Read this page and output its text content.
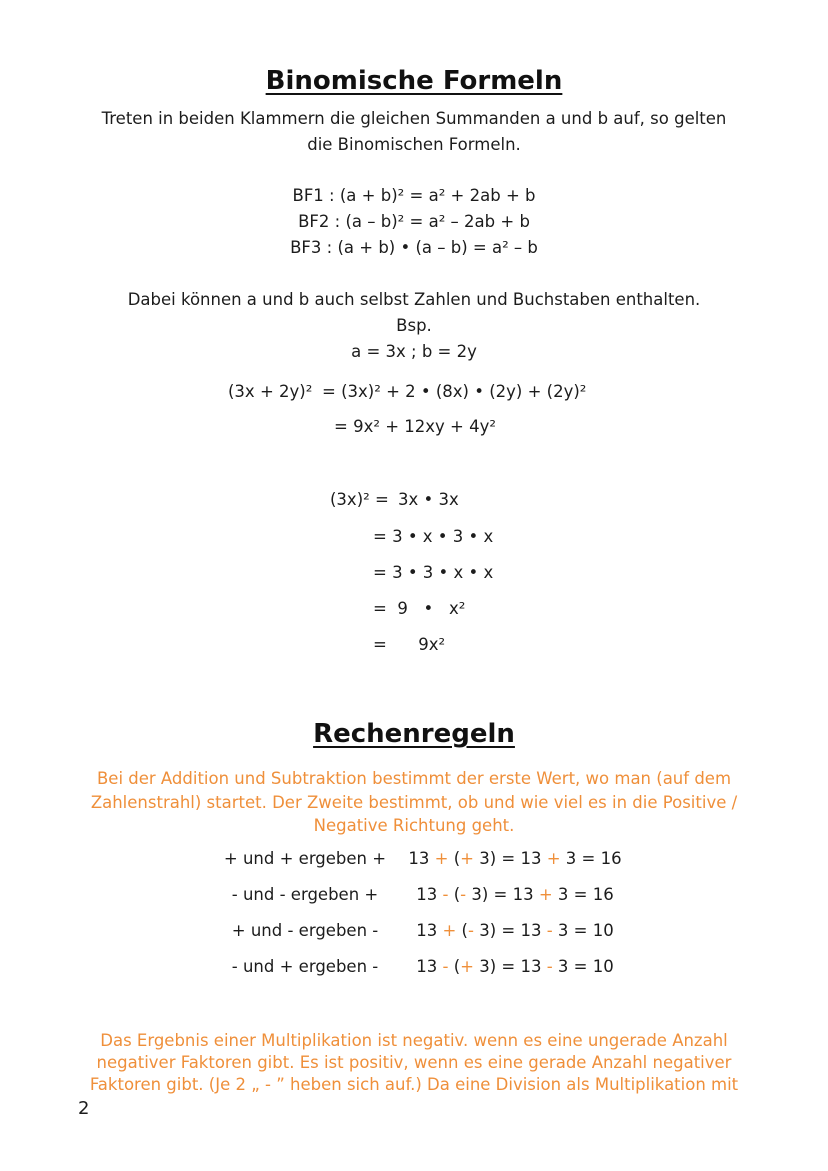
Binomische Formeln
Treten in beiden Klammern die gleichen Summanden a und b auf, so gelten
die Binomischen Formeln.
BF1 : (a + b)² = a² + 2ab + b
BF2 : (a – b)² = a² – 2ab + b
BF3 : (a + b) • (a – b) = a² – b
Dabei können a und b auch selbst Zahlen und Buchstaben enthalten.
Bsp.
a = 3x ; b = 2y
(3x + 2y)² = (3x)² + 2 • (8x) • (2y) + (2y)²
= 9x² + 12xy + 4y²
(3x)² = 3x • 3x
= 3 • x • 3 • x
= 3 • 3 • x • x
=  9   •   x²
=      9x²
Rechenregeln
Bei der Addition und Subtraktion bestimmt der erste Wert, wo man (auf dem
Zahlenstrahl) startet. Der Zweite bestimmt, ob und wie viel es in die Positive /
Negative Richtung geht.
+ und + ergeben +	13 + (+ 3) = 13 + 3 = 16
- und - ergeben +	13 - (- 3) = 13 + 3 = 16
+ und - ergeben -	13 + (- 3) = 13 - 3 = 10
- und + ergeben -	13 - (+ 3) = 13 - 3 = 10
Das Ergebnis einer Multiplikation ist negativ. wenn es eine ungerade Anzahl
negativer Faktoren gibt. Es ist positiv, wenn es eine gerade Anzahl negativer
Faktoren gibt. (Je 2 „ - ” heben sich auf.) Da eine Division als Multiplikation mit
2
